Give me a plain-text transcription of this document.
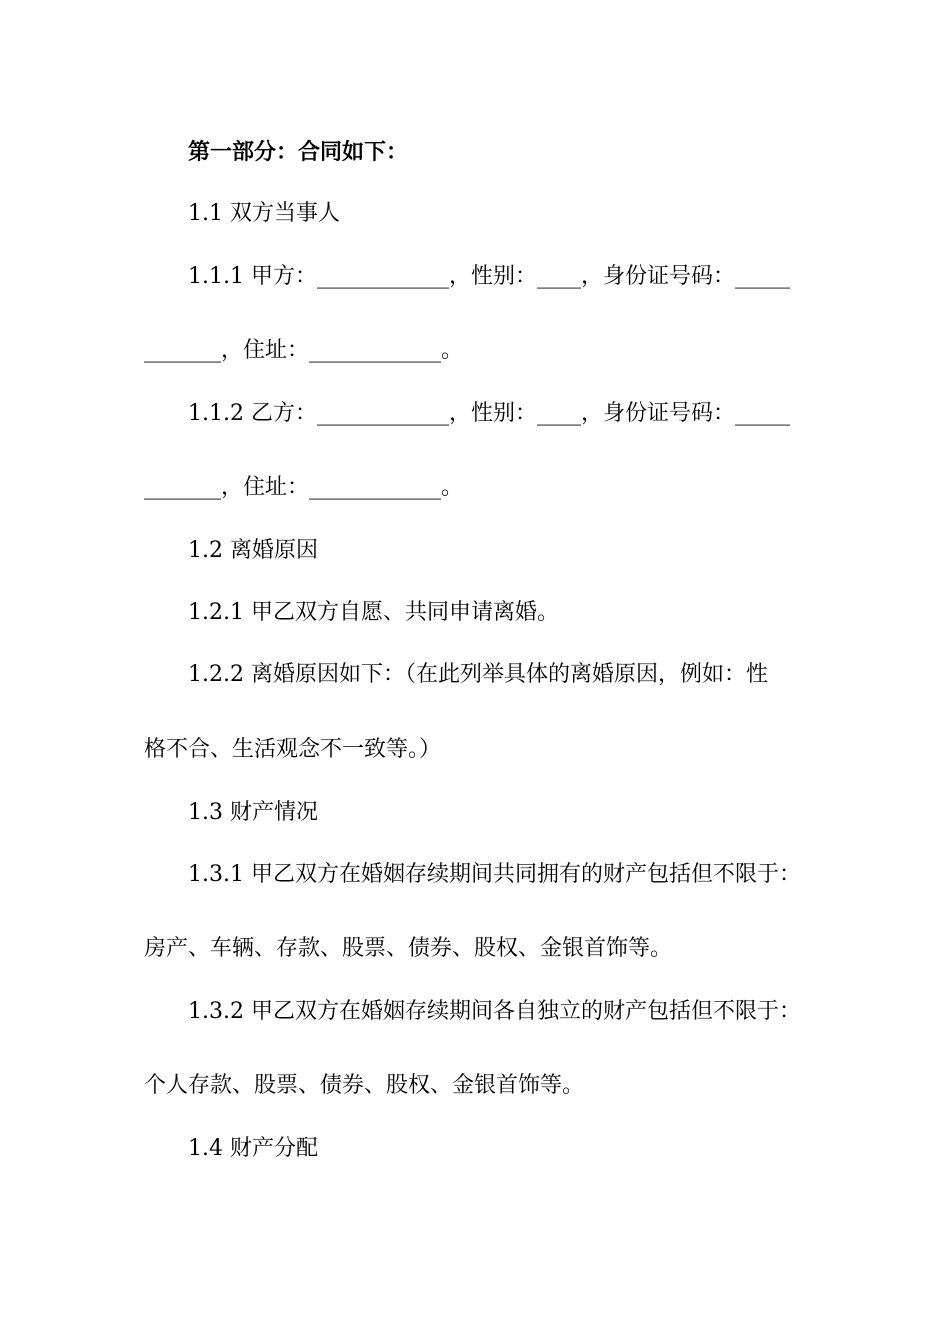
第一部分：合同如下：
1.1 双方当事人
1.1.1 甲方：____________，性别：____，身份证号码：_____
_______，住址：____________。
1.1.2 乙方：____________，性别：____，身份证号码：_____
_______，住址：____________。
1.2 离婚原因
1.2.1 甲乙双方自愿、共同申请离婚。
1.2.2 离婚原因如下：（在此列举具体的离婚原因，例如：性
格不合、生活观念不一致等。）
1.3 财产情况
1.3.1 甲乙双方在婚姻存续期间共同拥有的财产包括但不限于：
房产、车辆、存款、股票、债券、股权、金银首饰等。
1.3.2 甲乙双方在婚姻存续期间各自独立的财产包括但不限于：
个人存款、股票、债券、股权、金银首饰等。
1.4 财产分配
